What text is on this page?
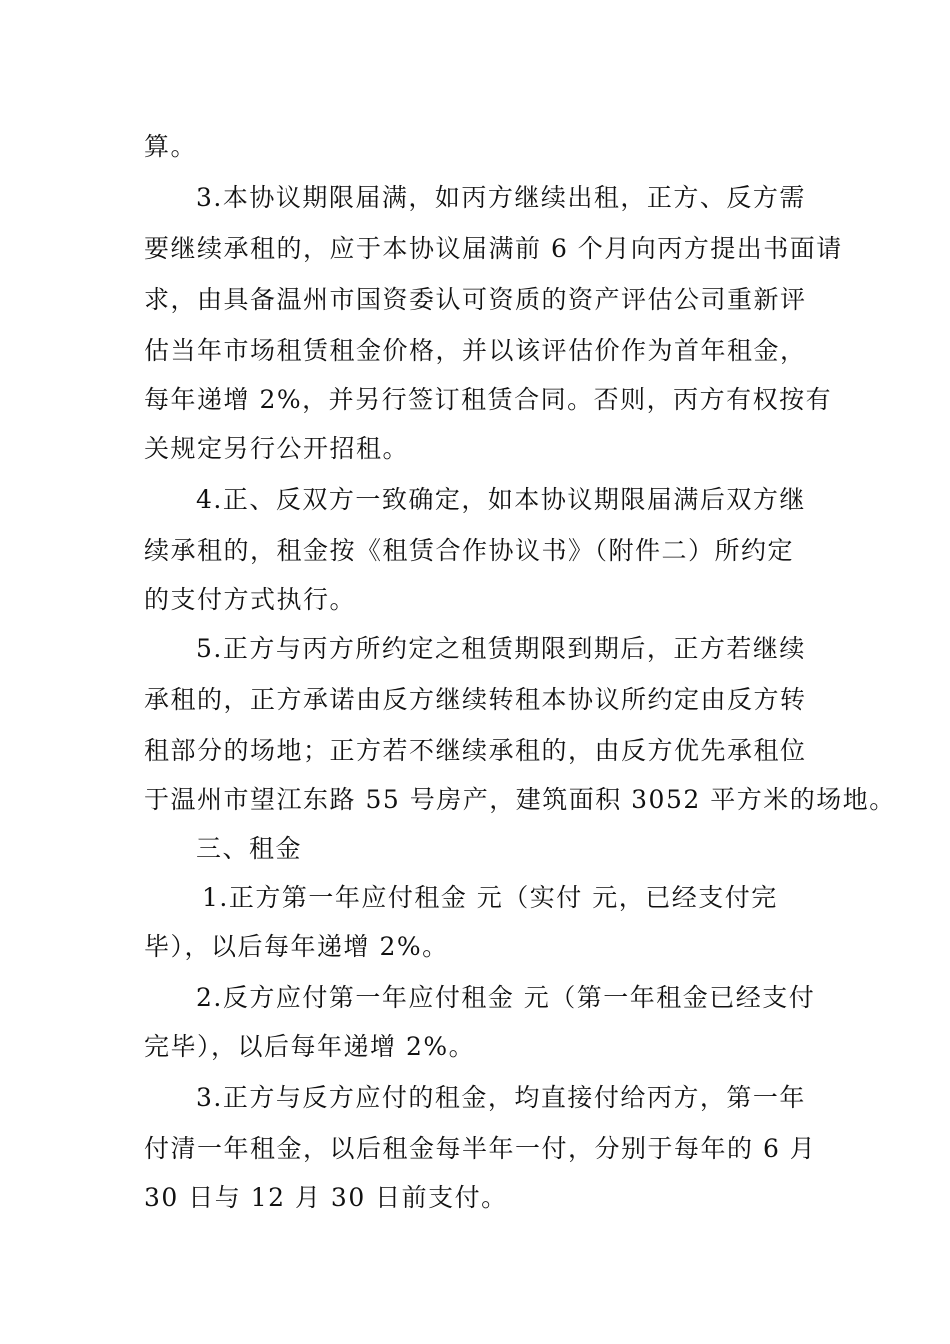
算。
3.本协议期限届满，如丙方继续出租，正方、反方需
要继续承租的，应于本协议届满前 6 个月向丙方提出书面请
求，由具备温州市国资委认可资质的资产评估公司重新评
估当年市场租赁租金价格，并以该评估价作为首年租金，
每年递增 2%，并另行签订租赁合同。否则，丙方有权按有
关规定另行公开招租。
4.正、反双方一致确定，如本协议期限届满后双方继
续承租的，租金按《租赁合作协议书》（附件二）所约定
的支付方式执行。
5.正方与丙方所约定之租赁期限到期后，正方若继续
承租的，正方承诺由反方继续转租本协议所约定由反方转
租部分的场地；正方若不继续承租的，由反方优先承租位
于温州市望江东路 55 号房产，建筑面积 3052 平方米的场地。
三、租金
1.正方第一年应付租金 元（实付 元，已经支付完
毕），以后每年递增 2%。
2.反方应付第一年应付租金 元（第一年租金已经支付
完毕），以后每年递增 2%。
3.正方与反方应付的租金，均直接付给丙方，第一年
付清一年租金，以后租金每半年一付，分别于每年的 6 月
30 日与 12 月 30 日前支付。
